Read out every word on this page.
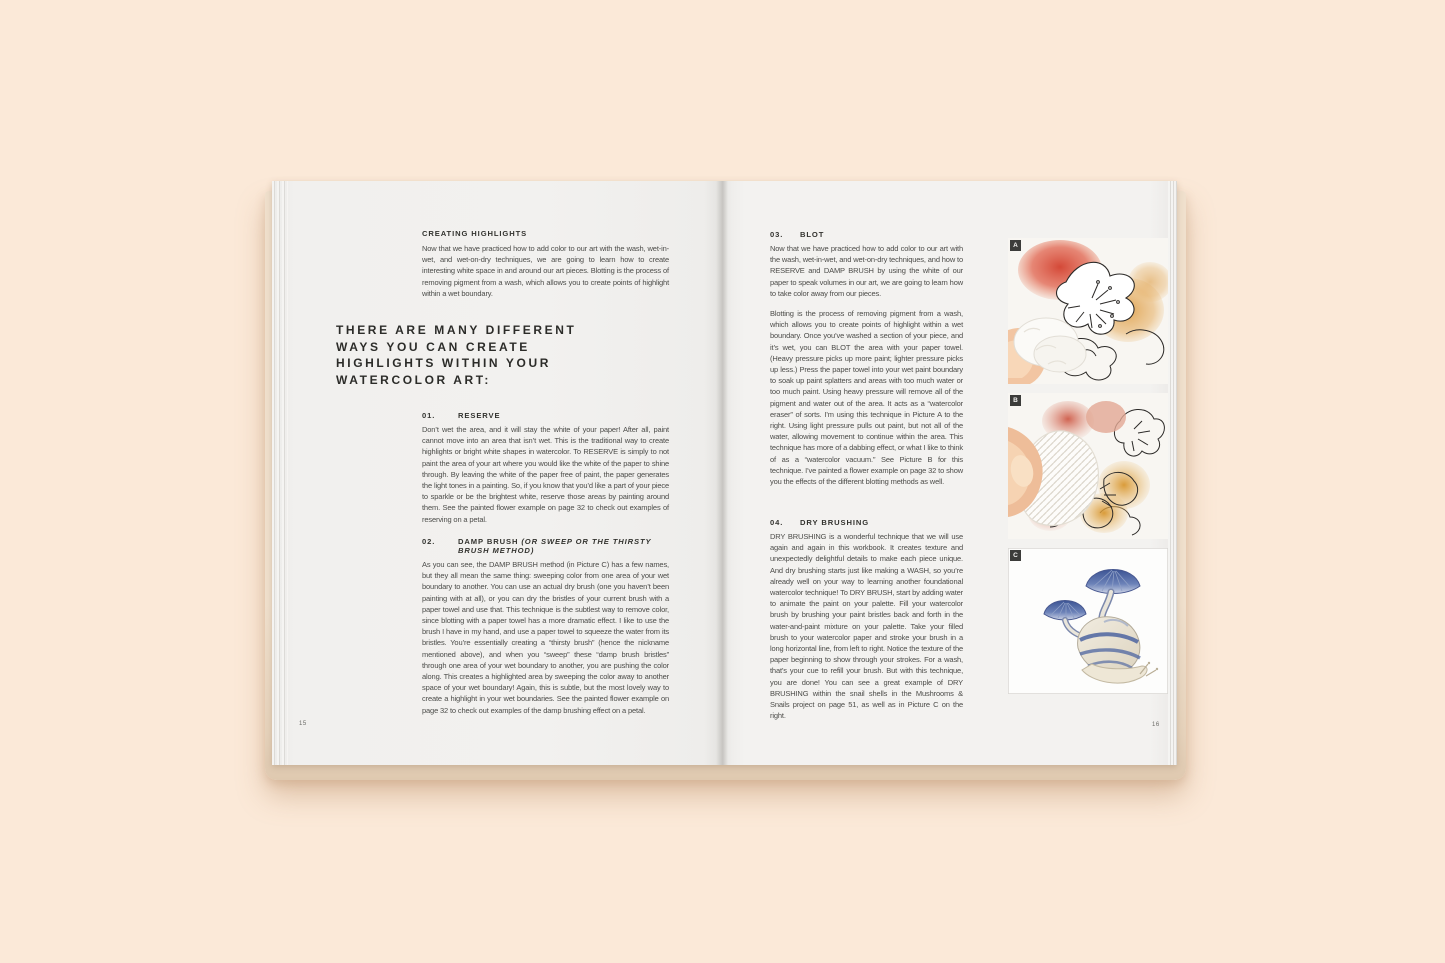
CREATING HIGHLIGHTS
Now that we have practiced how to add color to our art with the wash, wet-in-wet, and wet-on-dry techniques, we are going to learn how to create interesting white space in and around our art pieces. Blotting is the process of removing pigment from a wash, which allows you to create points of highlight within a wet boundary.
THERE ARE MANY DIFFERENT
WAYS YOU CAN CREATE
HIGHLIGHTS WITHIN YOUR
WATERCOLOR ART:
01.	RESERVE
Don’t wet the area, and it will stay the white of your paper! After all, paint cannot move into an area that isn’t wet. This is the traditional way to create highlights or bright white shapes in watercolor. To RESERVE is simply to not paint the area of your art where you would like the white of the paper to shine through. By leaving the white of the paper free of paint, the paper generates the light tones in a painting. So, if you know that you’d like a part of your piece to sparkle or be the brightest white, reserve those areas by painting around them. See the painted flower example on page 32 to check out examples of reserving on a petal.
02.	DAMP BRUSH (OR SWEEP OR THE THIRSTY BRUSH METHOD)
As you can see, the DAMP BRUSH method (in Picture C) has a few names, but they all mean the same thing: sweeping color from one area of your wet boundary to another. You can use an actual dry brush (one you haven’t been painting with at all), or you can dry the bristles of your current brush with a paper towel and use that. This technique is the subtlest way to remove color, since blotting with a paper towel has a more dramatic effect. I like to use the brush I have in my hand, and use a paper towel to squeeze the water from its bristles. You’re essentially creating a “thirsty brush” (hence the nickname mentioned above), and when you “sweep” these “damp brush bristles” through one area of your wet boundary to another, you are pushing the color along. This creates a highlighted area by sweeping the color away to another space of your wet boundary! Again, this is subtle, but the most lovely way to create a highlight in your wet boundaries. See the painted flower example on page 32 to check out examples of the damp brushing effect on a petal.
15
03.	BLOT

Now that we have practiced how to add color to our art with the wash, wet-in-wet, and wet-on-dry techniques, and how to RESERVE and DAMP BRUSH by using the white of our paper to speak volumes in our art, we are going to learn how to take color away from our pieces.

Blotting is the process of removing pigment from a wash, which allows you to create points of highlight within a wet boundary. Once you’ve washed a section of your piece, and it’s wet, you can BLOT the area with your paper towel. (Heavy pressure picks up more paint; lighter pressure picks up less.) Press the paper towel into your wet paint boundary to soak up paint splatters and areas with too much water or too much paint. Using heavy pressure will remove all of the pigment and water out of the area. It acts as a “watercolor eraser” of sorts. I’m using this technique in Picture A to the right. Using light pressure pulls out paint, but not all of the water, allowing movement to continue within the area. This technique has more of a dabbing effect, or what I like to think of as a “watercolor vacuum.” See Picture B for this technique. I’ve painted a flower example on page 32 to show you the effects of the different blotting methods as well.

04.	DRY BRUSHING

DRY BRUSHING is a wonderful technique that we will use again and again in this workbook. It creates texture and unexpectedly delightful details to make each piece unique. And dry brushing starts just like making a WASH, so you’re already well on your way to learning another foundational watercolor technique! To DRY BRUSH, start by adding water to animate the paint on your palette. Fill your watercolor brush by brushing your paint bristles back and forth in the water-and-paint mixture on your palette. Take your filled brush to your watercolor paper and stroke your brush in a long horizontal line, from left to right. Notice the texture of the paper beginning to show through your strokes. For a wash, that’s your cue to refill your brush. But with this technique, you are done! You can see a great example of DRY BRUSHING within the snail shells in the Mushrooms & Snails project on page 51, as well as in Picture C on the right.

A
B
C
16
